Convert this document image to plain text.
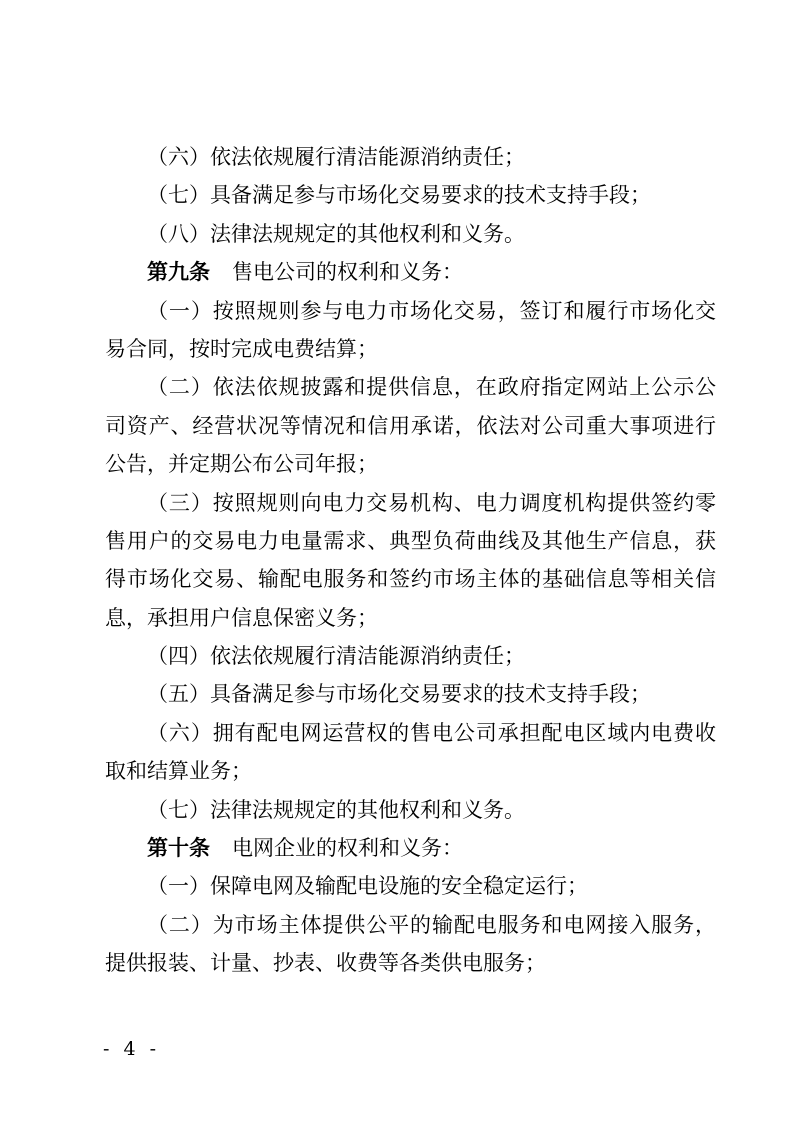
（六）依法依规履行清洁能源消纳责任；
（七）具备满足参与市场化交易要求的技术支持手段；
（八）法律法规规定的其他权利和义务。
第九条 售电公司的权利和义务：
（一）按照规则参与电力市场化交易，签订和履行市场化交
易合同，按时完成电费结算；
（二）依法依规披露和提供信息，在政府指定网站上公示公
司资产、经营状况等情况和信用承诺，依法对公司重大事项进行
公告，并定期公布公司年报；
（三）按照规则向电力交易机构、电力调度机构提供签约零
售用户的交易电力电量需求、典型负荷曲线及其他生产信息，获
得市场化交易、输配电服务和签约市场主体的基础信息等相关信
息，承担用户信息保密义务；
（四）依法依规履行清洁能源消纳责任；
（五）具备满足参与市场化交易要求的技术支持手段；
（六）拥有配电网运营权的售电公司承担配电区域内电费收
取和结算业务；
（七）法律法规规定的其他权利和义务。
第十条 电网企业的权利和义务：
（一）保障电网及输配电设施的安全稳定运行；
（二）为市场主体提供公平的输配电服务和电网接入服务，
提供报装、计量、抄表、收费等各类供电服务；
- 4 -
